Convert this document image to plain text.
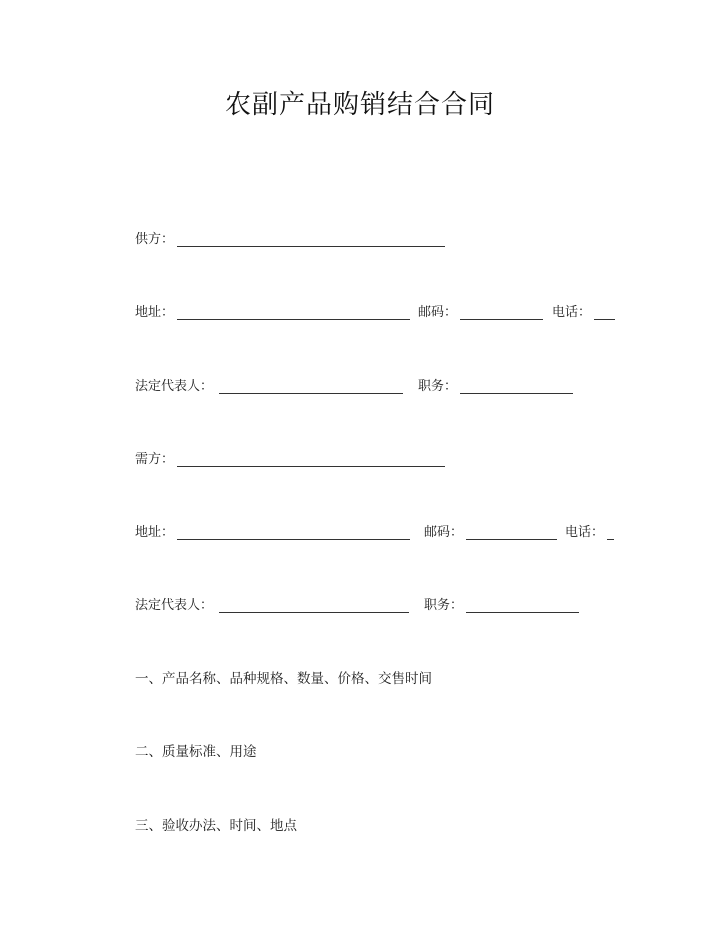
农副产品购销结合合同
供方：
地址：	邮码：	电话：
法定代表人：	职务：
需方：
地址：	邮码：	电话：
法定代表人：	职务：
一、产品名称、品种规格、数量、价格、交售时间
二、质量标准、用途
三、验收办法、时间、地点
